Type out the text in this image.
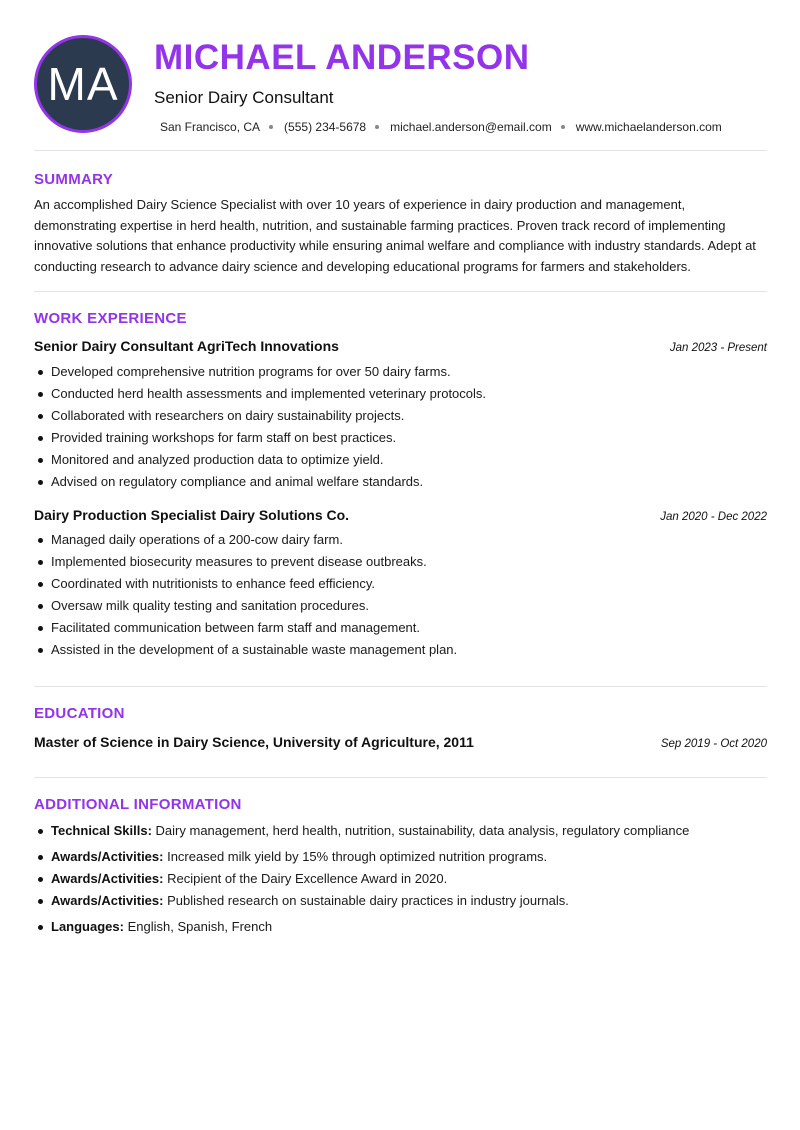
MA
MICHAEL ANDERSON
Senior Dairy Consultant
San Francisco, CA (555) 234-5678 michael.anderson@email.com www.michaelanderson.com
SUMMARY

An accomplished Dairy Science Specialist with over 10 years of experience in dairy production and management, demonstrating expertise in herd health, nutrition, and sustainable farming practices. Proven track record of implementing innovative solutions that enhance productivity while ensuring animal welfare and compliance with industry standards. Adept at conducting research to advance dairy science and developing educational programs for farmers and stakeholders.

WORK EXPERIENCE
Senior Dairy Consultant AgriTech Innovations	Jan 2023 - Present
Developed comprehensive nutrition programs for over 50 dairy farms.
Conducted herd health assessments and implemented veterinary protocols.
Collaborated with researchers on dairy sustainability projects.
Provided training workshops for farm staff on best practices.
Monitored and analyzed production data to optimize yield.
Advised on regulatory compliance and animal welfare standards.
Dairy Production Specialist Dairy Solutions Co.	Jan 2020 - Dec 2022
Managed daily operations of a 200-cow dairy farm.
Implemented biosecurity measures to prevent disease outbreaks.
Coordinated with nutritionists to enhance feed efficiency.
Oversaw milk quality testing and sanitation procedures.
Facilitated communication between farm staff and management.
Assisted in the development of a sustainable waste management plan.
EDUCATION
Master of Science in Dairy Science, University of Agriculture, 2011	Sep 2019 - Oct 2020
ADDITIONAL INFORMATION
Technical Skills: Dairy management, herd health, nutrition, sustainability, data analysis, regulatory compliance
Awards/Activities: Increased milk yield by 15% through optimized nutrition programs.
Awards/Activities: Recipient of the Dairy Excellence Award in 2020.
Awards/Activities: Published research on sustainable dairy practices in industry journals.
Languages: English, Spanish, French
